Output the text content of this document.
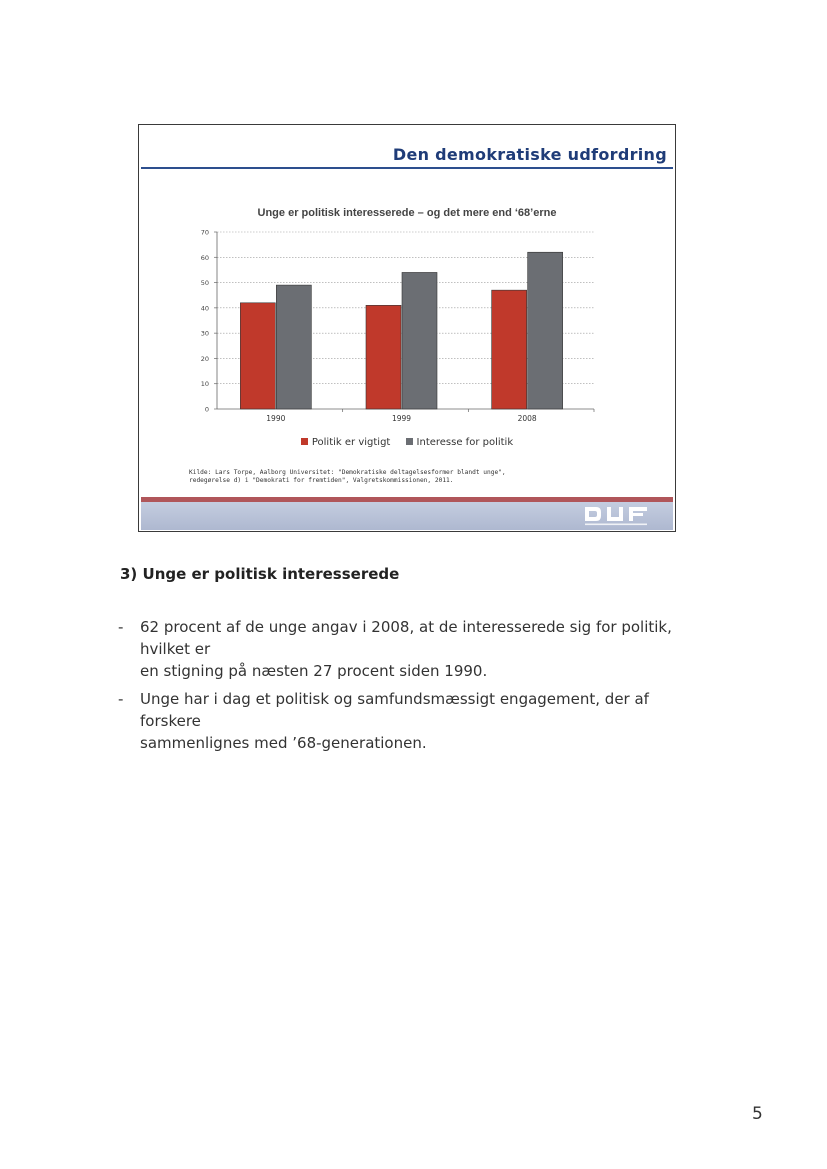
Den demokratiske udfordring
Unge er politisk interesserede – og det mere end ‘68’erne
0
10
20
30
40
50
60
70
1990	1999	2008
Politik er vigtigt	Interesse for politik
Kilde: Lars Torpe, Aalborg Universitet: "Demokratiske deltagelsesformer blandt unge",
redegørelse d) i "Demokrati for fremtiden", Valgretskommissionen, 2011.
3) Unge er politisk interesserede
- 62 procent af de unge angav i 2008, at de interesserede sig for politik, hvilket er
en stigning på næsten 27 procent siden 1990.
- Unge har i dag et politisk og samfundsmæssigt engagement, der af forskere
sammenlignes med ’68-generationen.
5
